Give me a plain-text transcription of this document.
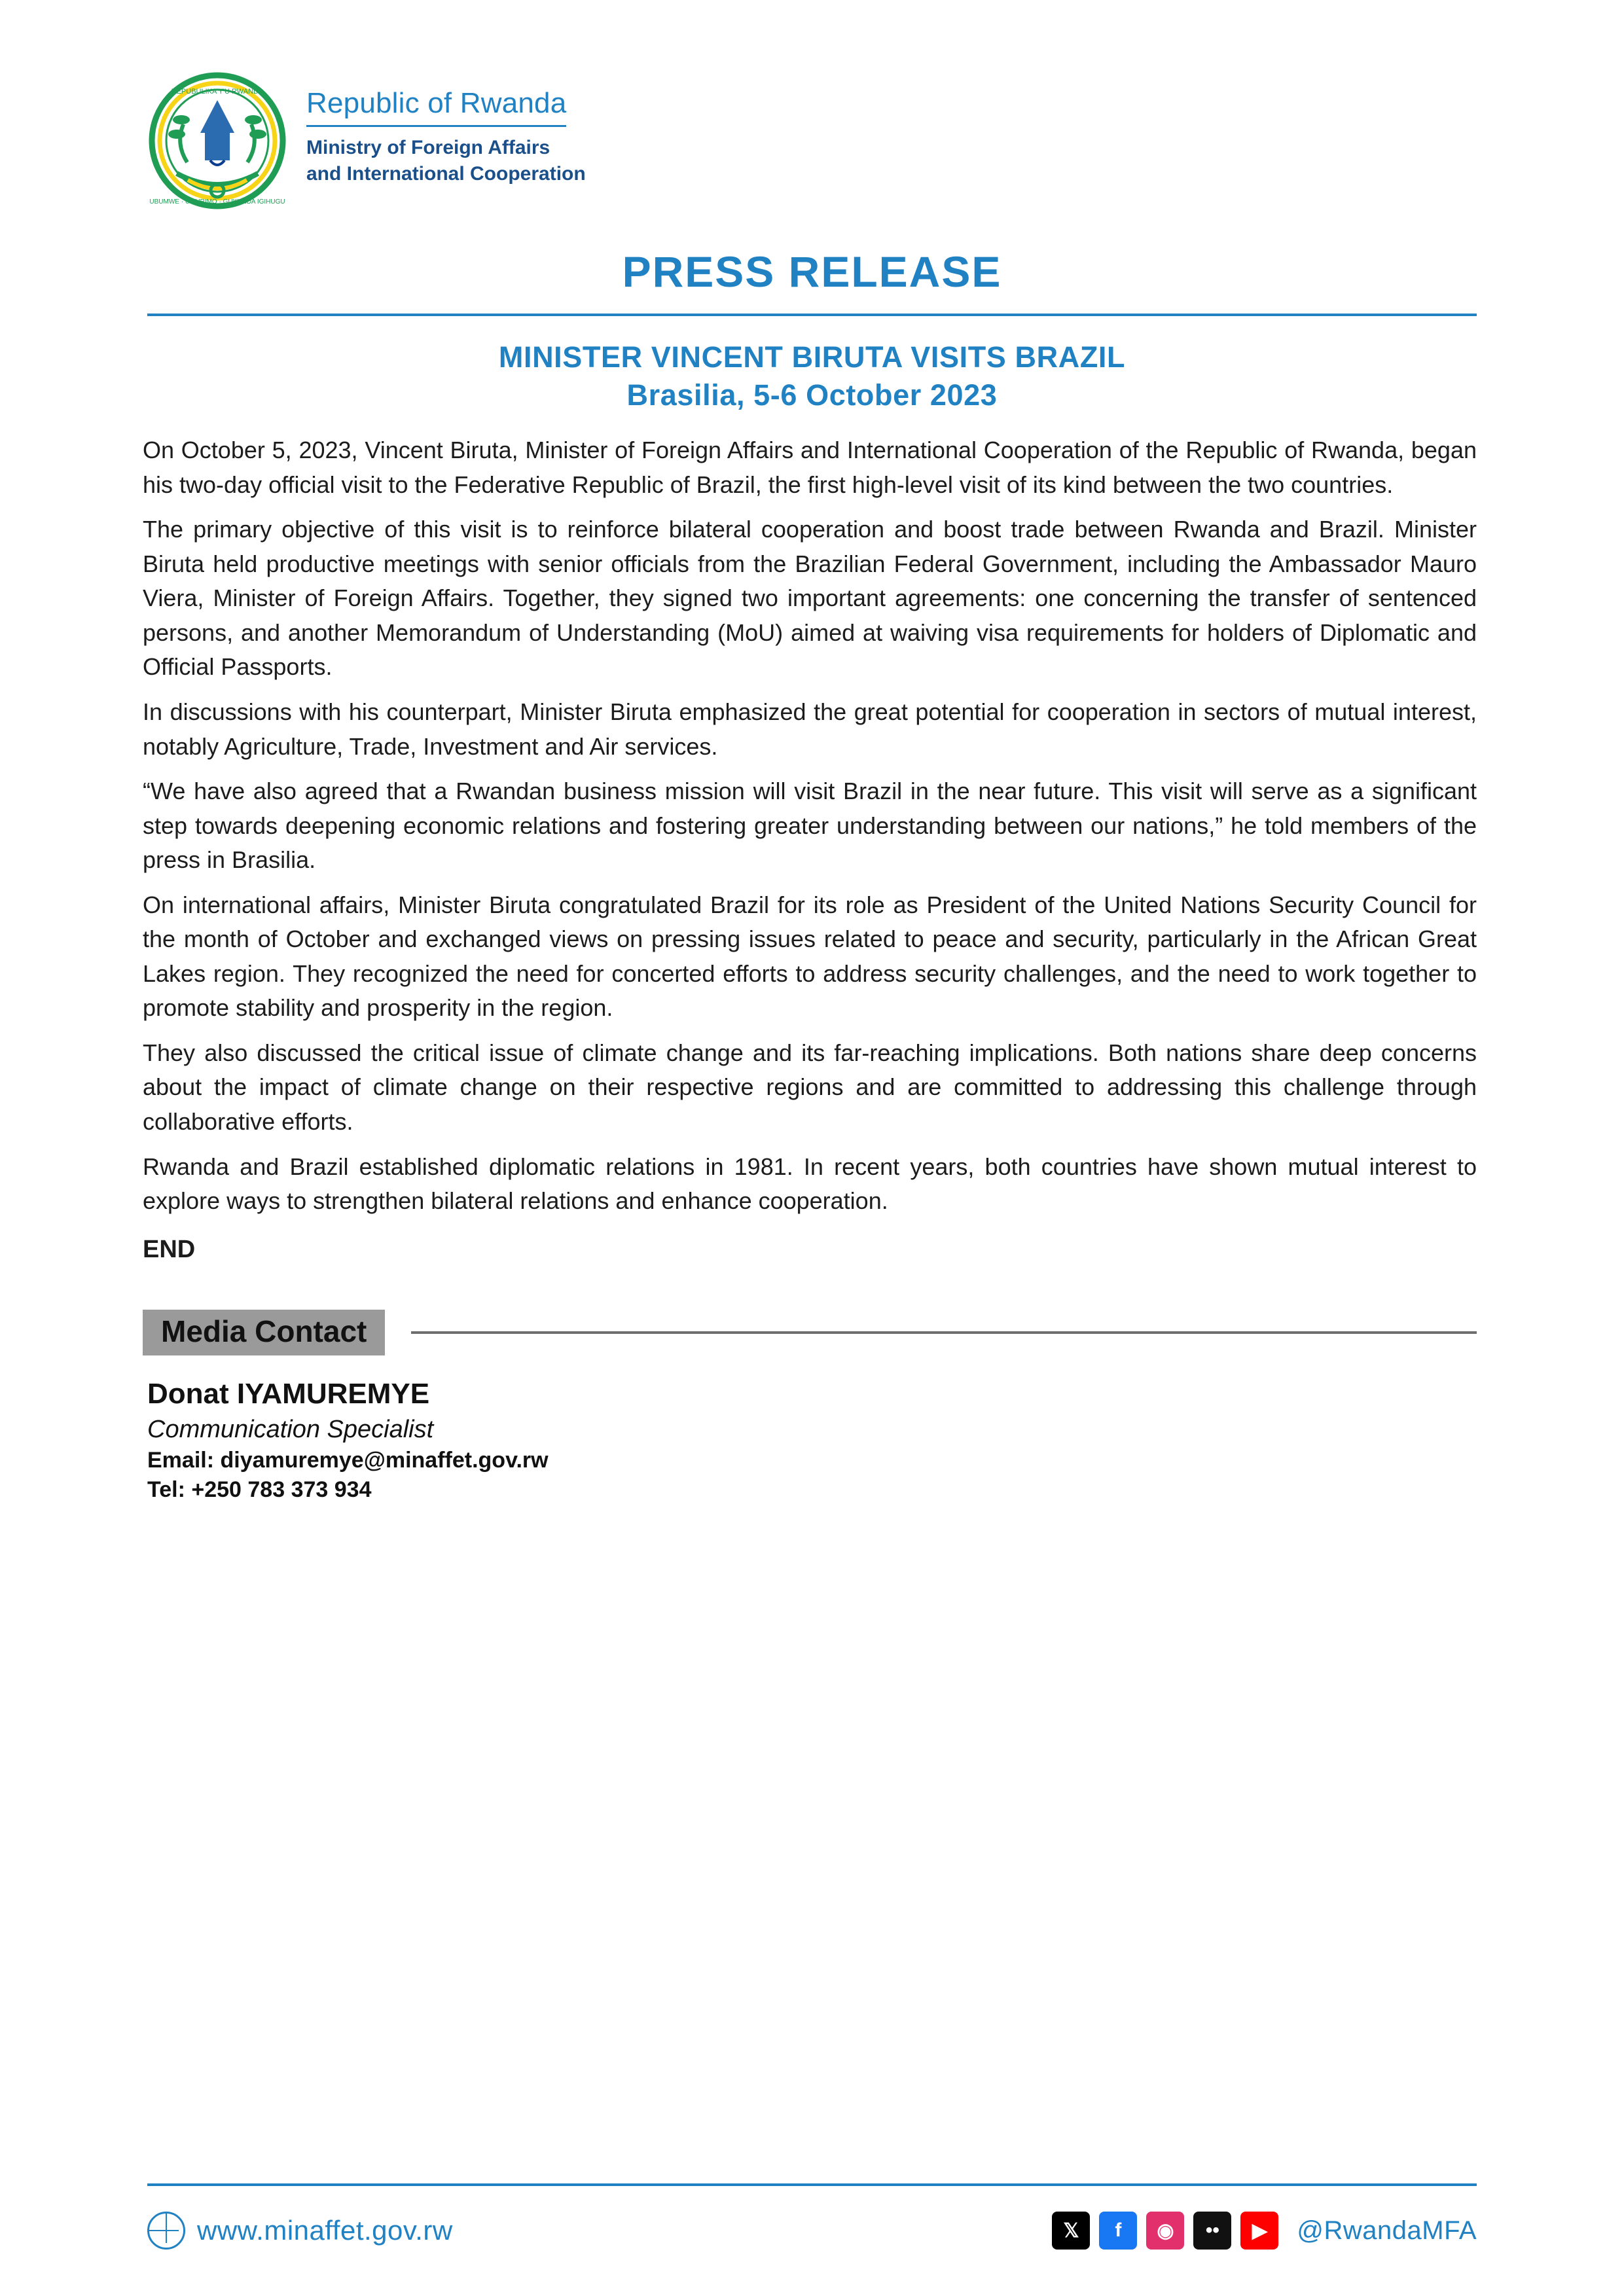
REPUBULIKA Y'U RWANDA
UBUMWE · UMURIMO · GUKUNDA IGIHUGU
Republic of Rwanda
Ministry of Foreign Affairs
and International Cooperation
PRESS RELEASE
MINISTER VINCENT BIRUTA VISITS BRAZIL
Brasilia, 5-6 October 2023

On October 5, 2023, Vincent Biruta, Minister of Foreign Affairs and International Cooperation of the Republic of Rwanda, began his two-day official visit to the Federative Republic of Brazil, the first high-level visit of its kind between the two countries.

The primary objective of this visit is to reinforce bilateral cooperation and boost trade between Rwanda and Brazil. Minister Biruta held productive meetings with senior officials from the Brazilian Federal Government, including the Ambassador Mauro Viera, Minister of Foreign Affairs. Together, they signed two important agreements: one concerning the transfer of sentenced persons, and another Memorandum of Understanding (MoU) aimed at waiving visa requirements for holders of Diplomatic and Official Passports.

In discussions with his counterpart, Minister Biruta emphasized the great potential for cooperation in sectors of mutual interest, notably Agriculture, Trade, Investment and Air services.

“We have also agreed that a Rwandan business mission will visit Brazil in the near future. This visit will serve as a significant step towards deepening economic relations and fostering greater understanding between our nations,” he told members of the press in Brasilia.

On international affairs, Minister Biruta congratulated Brazil for its role as President of the United Nations Security Council for the month of October and exchanged views on pressing issues related to peace and security, particularly in the African Great Lakes region. They recognized the need for concerted efforts to address security challenges, and the need to work together to promote stability and prosperity in the region.

They also discussed the critical issue of climate change and its far-reaching implications. Both nations share deep concerns about the impact of climate change on their respective regions and are committed to addressing this challenge through collaborative efforts.

Rwanda and Brazil established diplomatic relations in 1981. In recent years, both countries have shown mutual interest to explore ways to strengthen bilateral relations and enhance cooperation.

END
Media Contact
Donat IYAMUREMYE
Communication Specialist
Email: diyamuremye@minaffet.gov.rw
Tel: +250 783 373 934
www.minaffet.gov.rw	𝕏	f	◉	••	▶	@RwandaMFA
